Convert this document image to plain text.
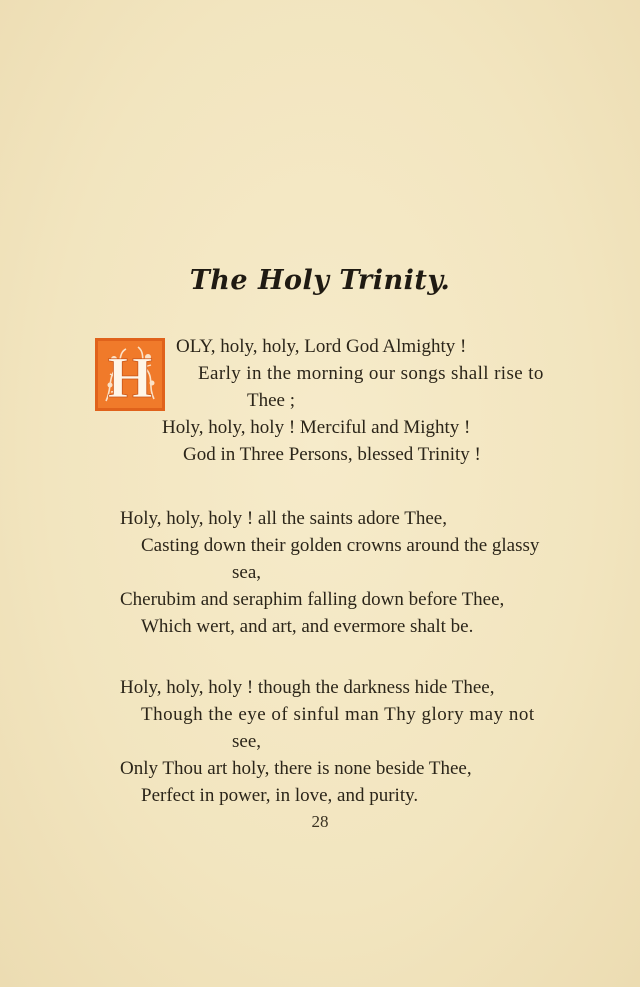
The Holy Trinity.
H OLY, holy, holy, Lord God Almighty !
Early in the morning our songs shall rise to
Thee ;
Holy, holy, holy ! Merciful and Mighty !
God in Three Persons, blessed Trinity !
Holy, holy, holy ! all the saints adore Thee,
Casting down their golden crowns around the glassy
sea,
Cherubim and seraphim falling down before Thee,
Which wert, and art, and evermore shalt be.
Holy, holy, holy ! though the darkness hide Thee,
Though the eye of sinful man Thy glory may not
see,
Only Thou art holy, there is none beside Thee,
Perfect in power, in love, and purity.
28
